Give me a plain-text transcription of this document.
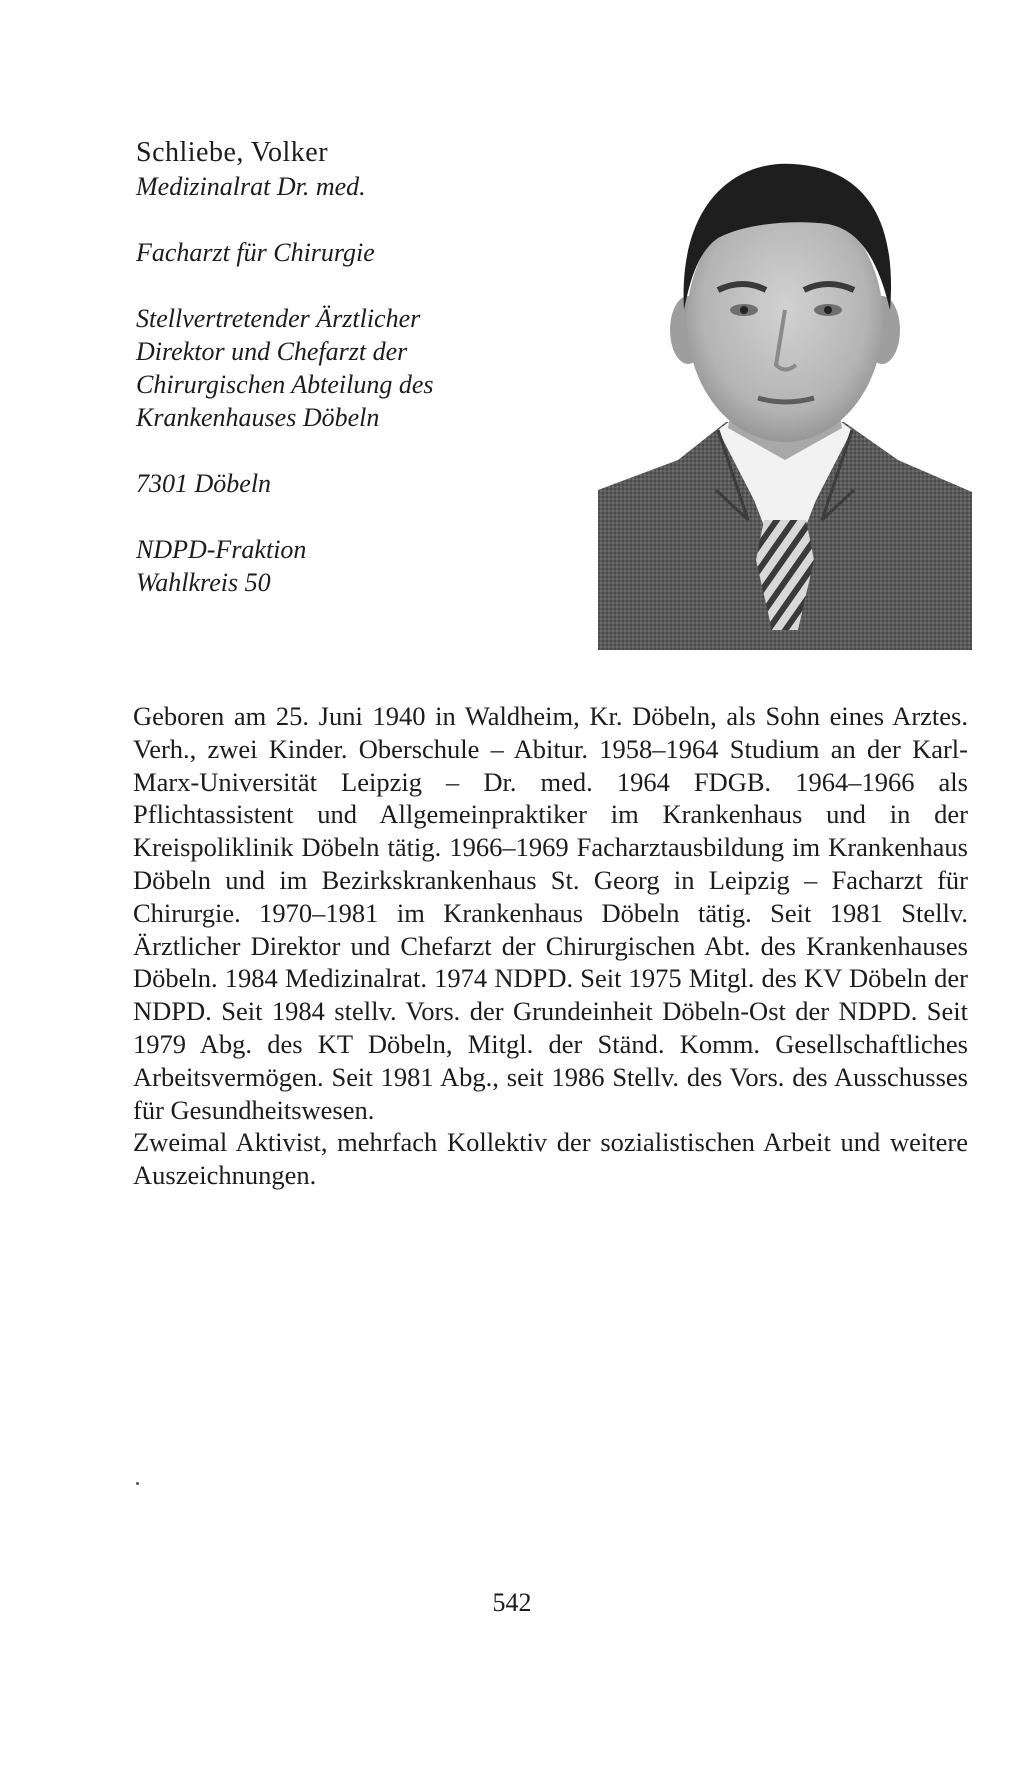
Schliebe, Volker
Medizinalrat Dr. med.
Facharzt für Chirurgie
Stellvertretender Ärztlicher
Direktor und Chefarzt der
Chirurgischen Abteilung des
Krankenhauses Döbeln
7301 Döbeln
NDPD-Fraktion
Wahlkreis 50

Geboren am 25. Juni 1940 in Waldheim, Kr. Döbeln, als Sohn eines Arztes. Verh., zwei Kinder. Oberschule – Abitur. 1958–1964 Studium an der Karl-Marx-Universität Leipzig – Dr. med. 1964 FDGB. 1964–1966 als Pflichtassistent und Allgemeinpraktiker im Krankenhaus und in der Kreispoliklinik Döbeln tätig. 1966–1969 Facharztausbildung im Krankenhaus Döbeln und im Bezirkskrankenhaus St. Georg in Leipzig – Facharzt für Chirurgie. 1970–1981 im Krankenhaus Döbeln tätig. Seit 1981 Stellv. Ärztlicher Direktor und Chefarzt der Chirurgischen Abt. des Krankenhauses Döbeln. 1984 Medizinalrat. 1974 NDPD. Seit 1975 Mitgl. des KV Döbeln der NDPD. Seit 1984 stellv. Vors. der Grundeinheit Döbeln-Ost der NDPD. Seit 1979 Abg. des KT Döbeln, Mitgl. der Ständ. Komm. Gesellschaftliches Arbeitsvermögen. Seit 1981 Abg., seit 1986 Stellv. des Vors. des Ausschusses für Gesundheitswesen.

Zweimal Aktivist, mehrfach Kollektiv der sozialistischen Arbeit und weitere Auszeichnungen.

542
